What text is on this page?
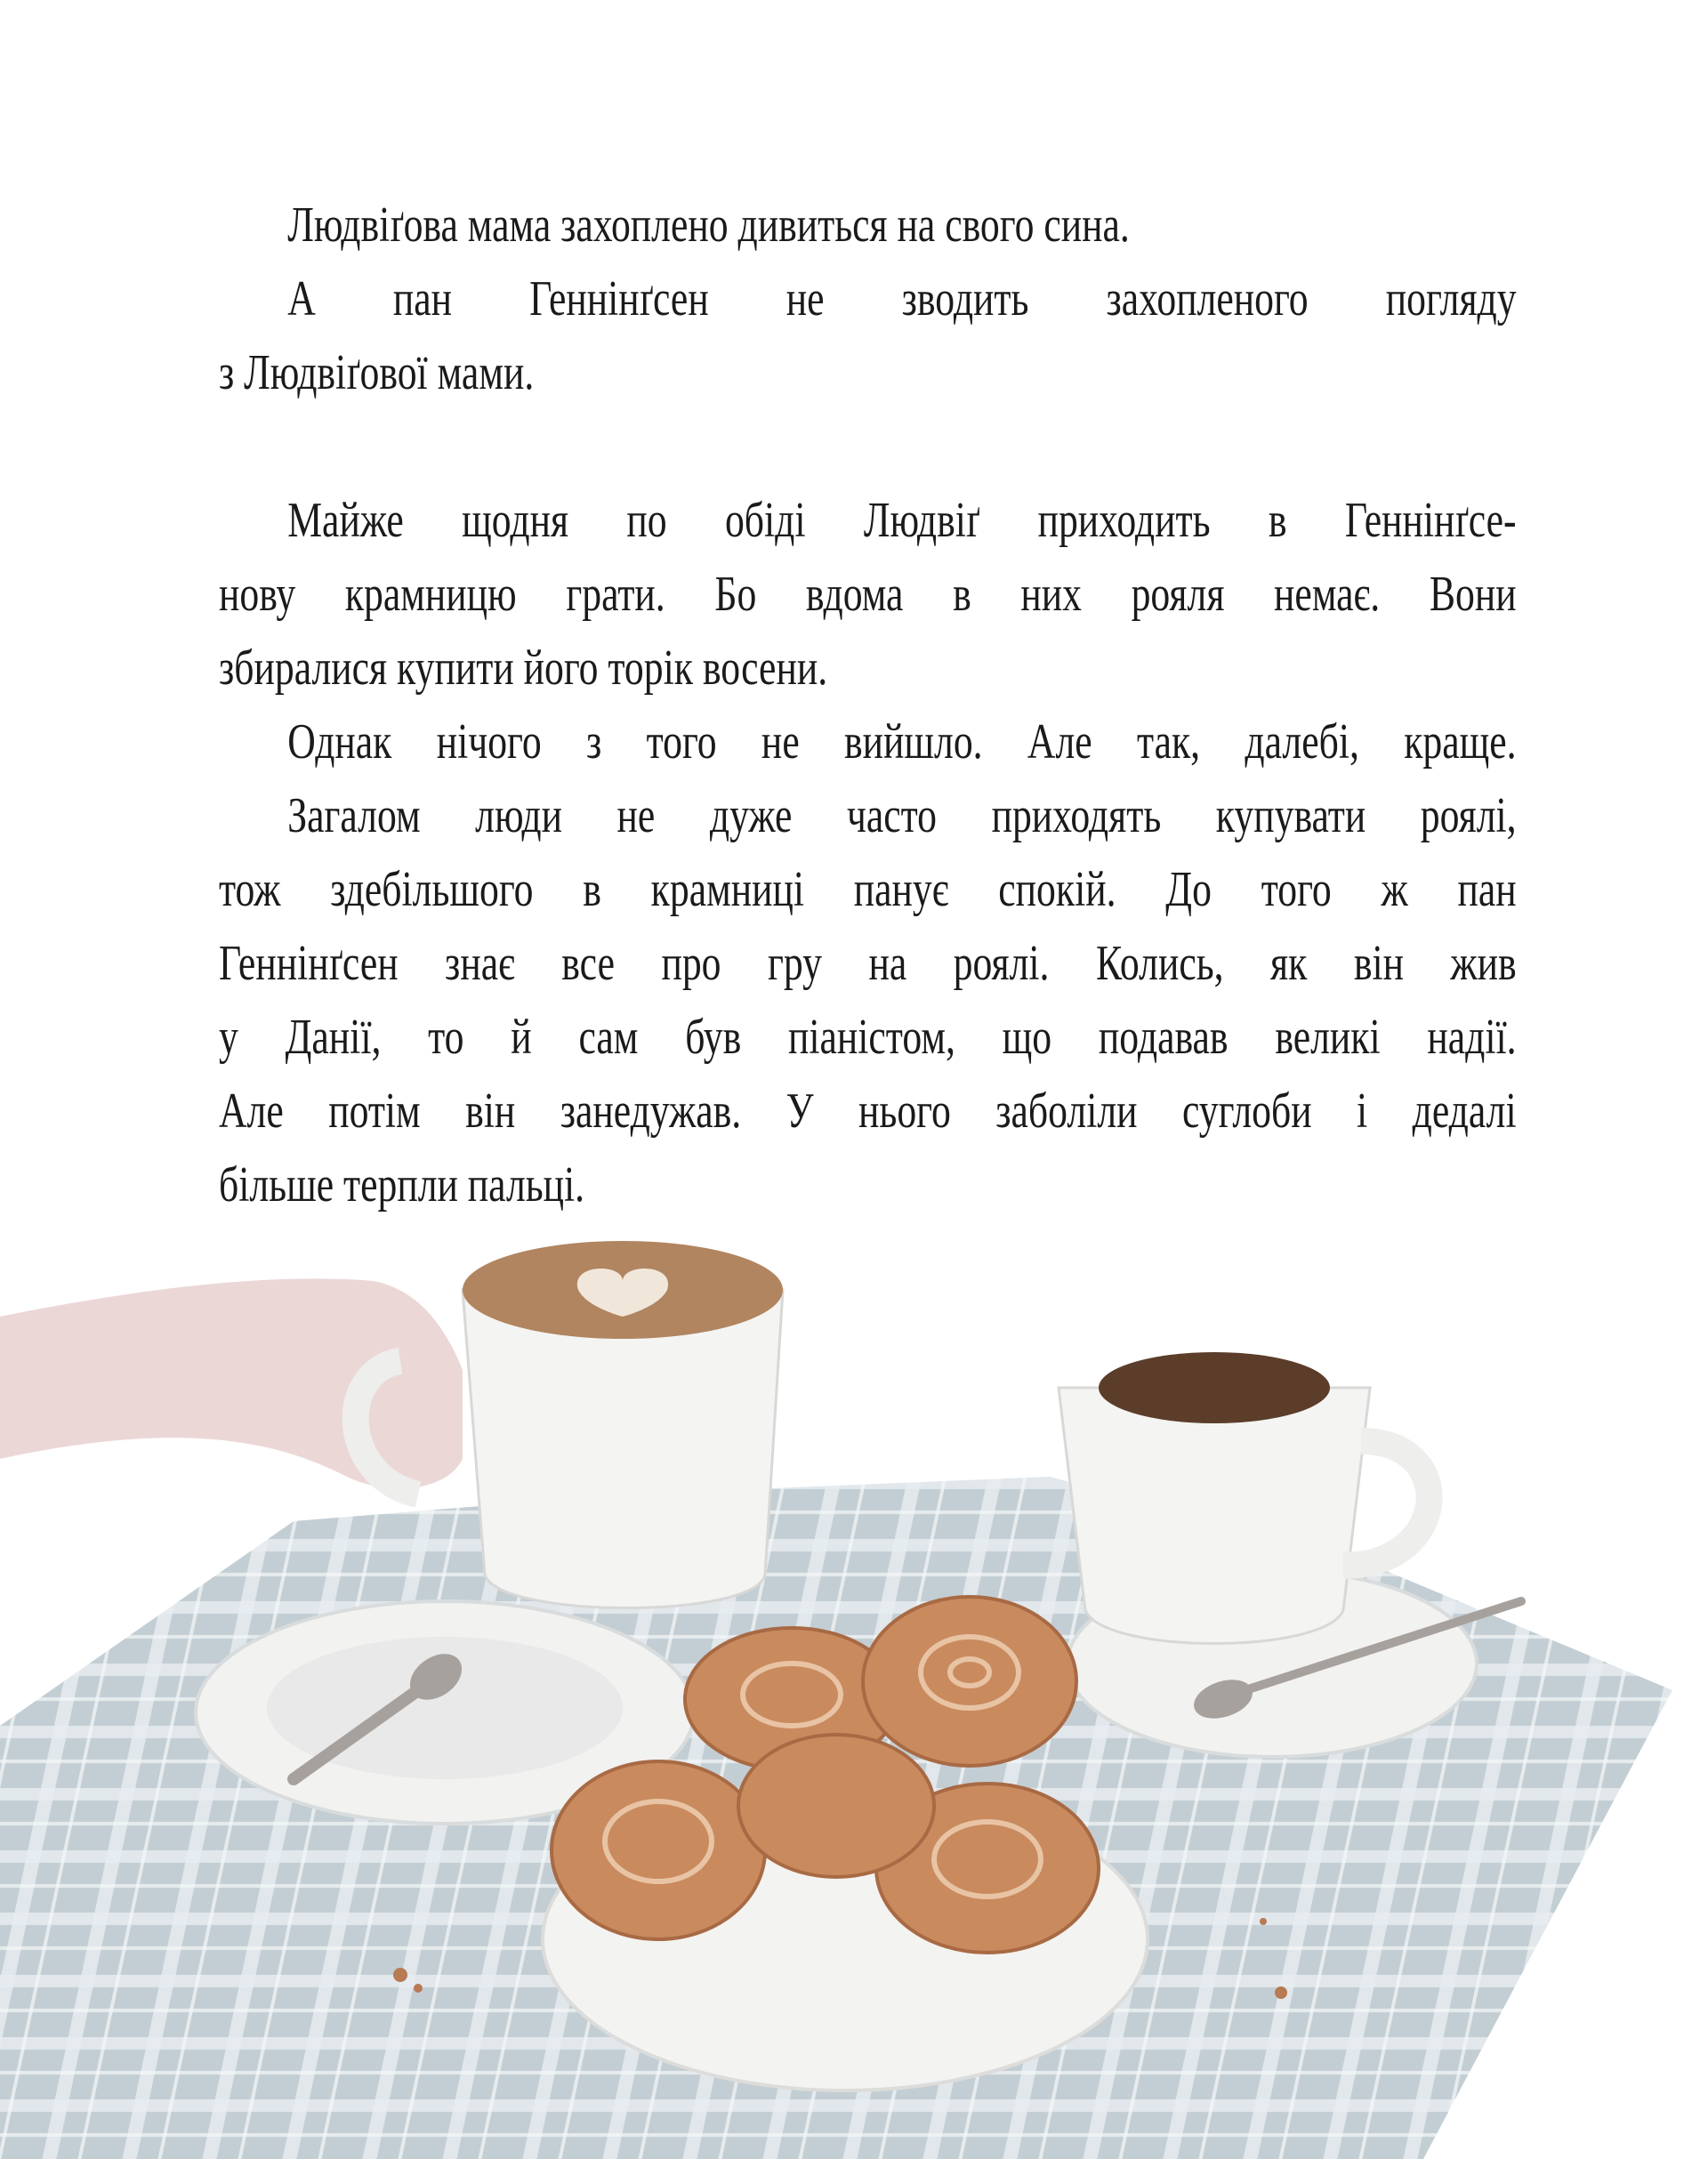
Людвіґова мама захоплено дивиться на свого сина.
А пан Геннінґсен не зводить захопленого погляду
з Людвіґової мами.
Майже щодня по обіді Людвіґ приходить в Геннінґсе-
нову крамницю грати. Бо вдома в них рояля немає. Вони
збиралися купити його торік восени.
Однак нічого з того не вийшло. Але так, далебі, краще.
Загалом люди не дуже часто приходять купувати роялі,
тож здебільшого в крамниці панує спокій. До того ж пан
Геннінґсен знає все про гру на роялі. Колись, як він жив
у Данії, то й сам був піаністом, що подавав великі надії.
Але потім він занедужав. У нього заболіли суглоби і дедалі
більше терпли пальці.
